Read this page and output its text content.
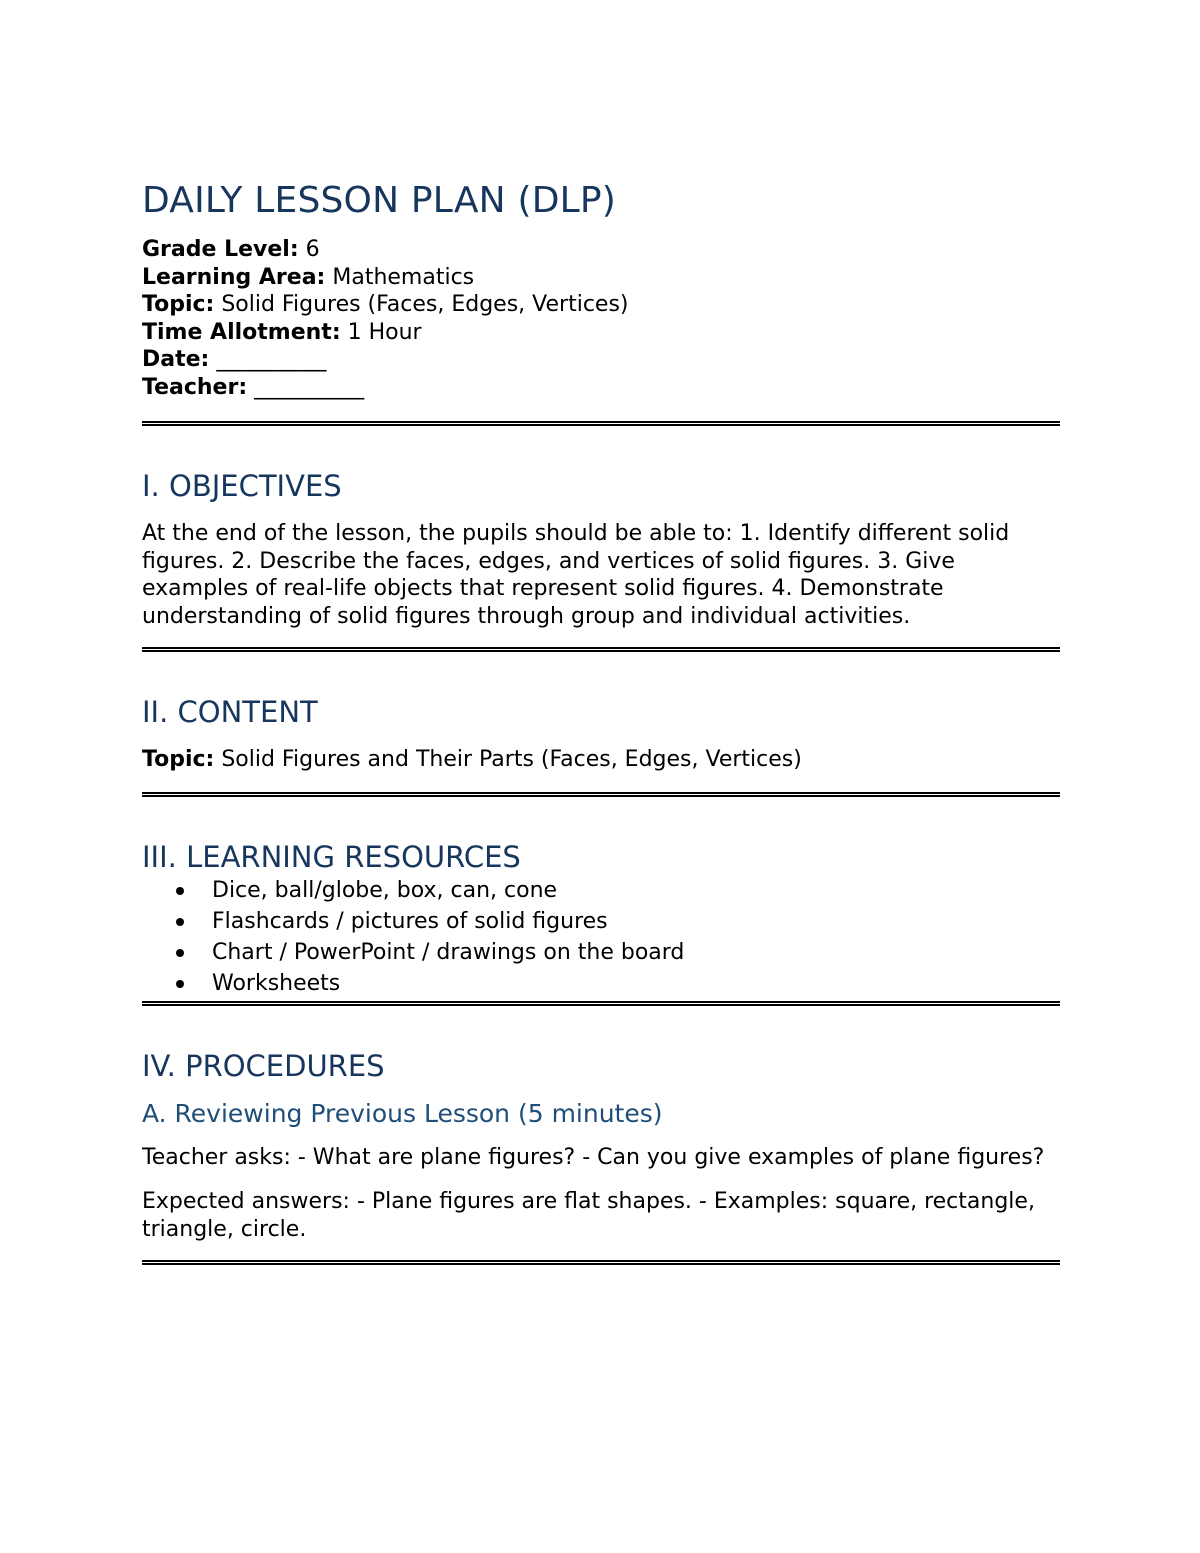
DAILY LESSON PLAN (DLP)
Grade Level: 6
Learning Area: Mathematics
Topic: Solid Figures (Faces, Edges, Vertices)
Time Allotment: 1 Hour
Date: __________
Teacher: __________
I. OBJECTIVES

At the end of the lesson, the pupils should be able to: 1. Identify different solid figures. 2. Describe the faces, edges, and vertices of solid figures. 3. Give examples of real-life objects that represent solid figures. 4. Demonstrate understanding of solid figures through group and individual activities.

II. CONTENT

Topic: Solid Figures and Their Parts (Faces, Edges, Vertices)

III. LEARNING RESOURCES
Dice, ball/globe, box, can, cone
Flashcards / pictures of solid figures
Chart / PowerPoint / drawings on the board
Worksheets
IV. PROCEDURES
A. Reviewing Previous Lesson (5 minutes)

Teacher asks: - What are plane figures? - Can you give examples of plane figures?

Expected answers: - Plane figures are flat shapes. - Examples: square, rectangle, triangle, circle.
